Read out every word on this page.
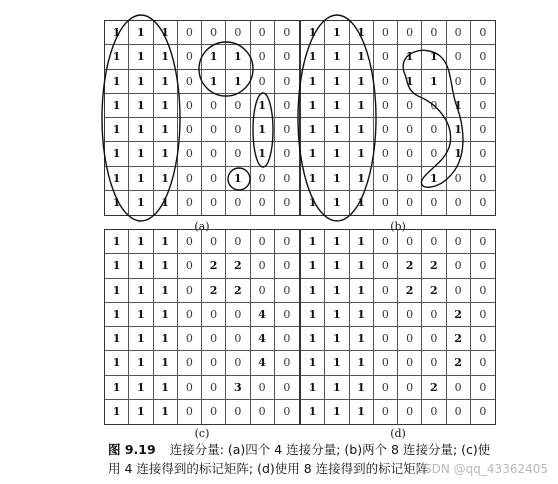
1	1	1	0	0	0	0	0
1	1	1	0	1	1	0	0
1	1	1	0	1	1	0	0
1	1	1	0	0	0	1	0
1	1	1	0	0	0	1	0
1	1	1	0	0	0	1	0
1	1	1	0	0	1	0	0
1	1	1	0	0	0	0	0
(a)
1	1	1	0	0	0	0	0
1	1	1	0	1	1	0	0
1	1	1	0	1	1	0	0
1	1	1	0	0	0	1	0
1	1	1	0	0	0	1	0
1	1	1	0	0	0	1	0
1	1	1	0	0	1	0	0
1	1	1	0	0	0	0	0
(b)
1	1	1	0	0	0	0	0
1	1	1	0	2	2	0	0
1	1	1	0	2	2	0	0
1	1	1	0	0	0	4	0
1	1	1	0	0	0	4	0
1	1	1	0	0	0	4	0
1	1	1	0	0	3	0	0
1	1	1	0	0	0	0	0
(c)
1	1	1	0	0	0	0	0
1	1	1	0	2	2	0	0
1	1	1	0	2	2	0	0
1	1	1	0	0	0	2	0
1	1	1	0	0	0	2	0
1	1	1	0	0	0	2	0
1	1	1	0	0	2	0	0
1	1	1	0	0	0	0	0
(d)
图 9.19 连接分量: (a)四个 4 连接分量; (b)两个 8 连接分量; (c)使
用 4 连接得到的标记矩阵; (d)使用 8 连接得到的标记矩阵
CSDN @qq_43362405
